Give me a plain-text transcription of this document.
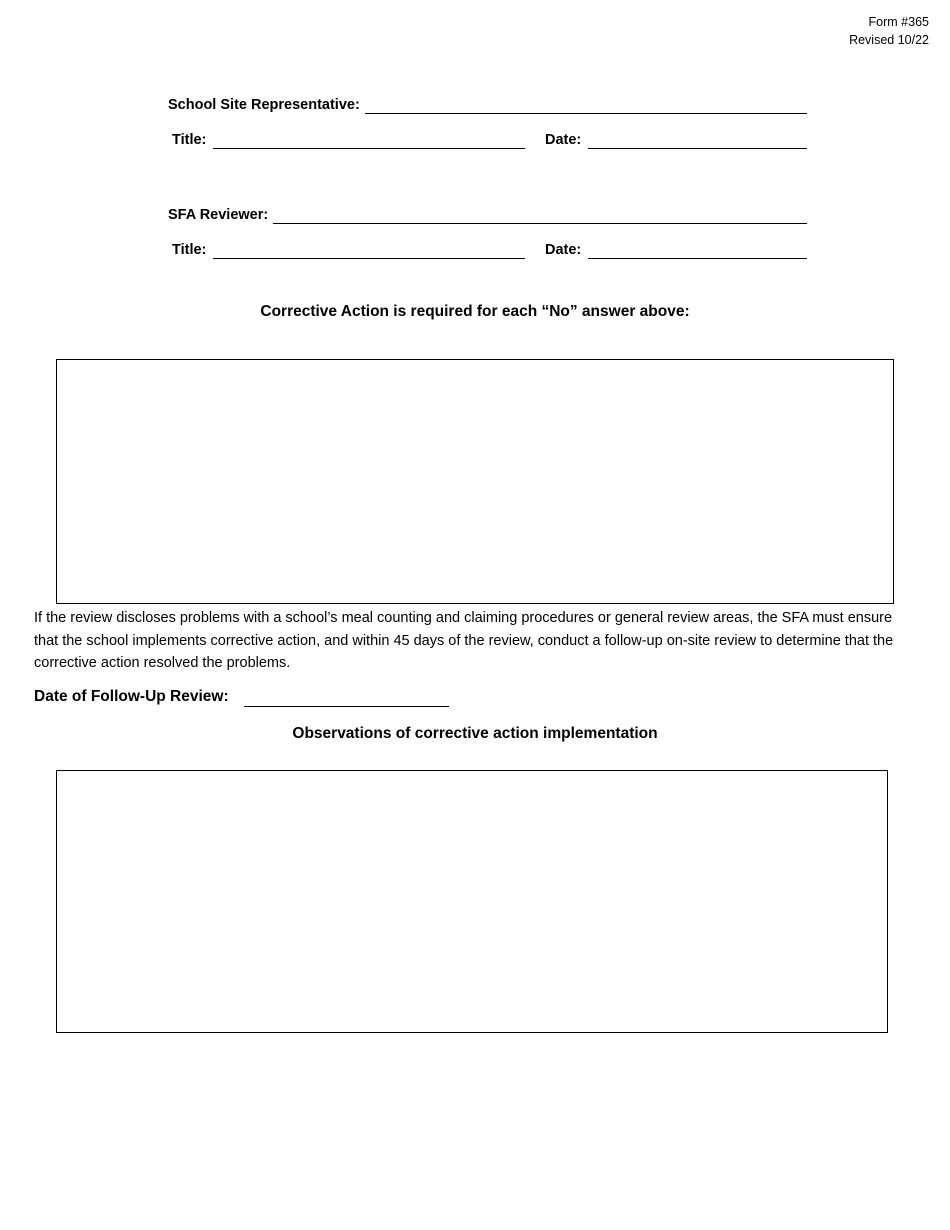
Form #365
Revised 10/22
School Site Representative:
Title:	Date:
SFA Reviewer:
Title:	Date:
Corrective Action is required for each “No” answer above:
If the review discloses problems with a school’s meal counting and claiming procedures or general review areas, the SFA must ensure that the school implements corrective action, and within 45 days of the review, conduct a follow-up on-site review to determine that the corrective action resolved the problems.
Date of Follow-Up Review:
Observations of corrective action implementation
